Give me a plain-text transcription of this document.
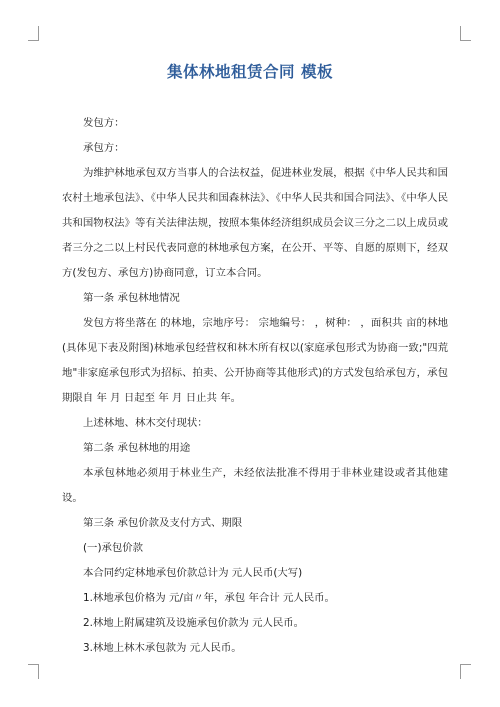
集体林地租赁合同 模板

发包方：

承包方：

为维护林地承包双方当事人的合法权益，促进林业发展，根据《中华人民共和国农村土地承包法》、《中华人民共和国森林法》、《中华人民共和国合同法》、《中华人民共和国物权法》等有关法律法规，按照本集体经济组织成员会议三分之二以上成员或者三分之二以上村民代表同意的林地承包方案，在公开、平等、自愿的原则下，经双方(发包方、承包方)协商同意，订立本合同。

第一条 承包林地情况

发包方将坐落在 的林地，宗地序号： 宗地编号： ，树种： ，面积共 亩的林地(具体见下表及附图)林地承包经营权和林木所有权以(家庭承包形式为协商一致;"四荒地"非家庭承包形式为招标、拍卖、公开协商等其他形式)的方式发包给承包方，承包期限自 年 月 日起至 年 月 日止共 年。

上述林地、林木交付现状：

第二条 承包林地的用途

本承包林地必须用于林业生产，未经依法批准不得用于非林业建设或者其他建设。

第三条 承包价款及支付方式、期限

(一)承包价款

本合同约定林地承包价款总计为 元人民币(大写)

1.林地承包价格为 元/亩〃年，承包 年合计 元人民币。

2.林地上附属建筑及设施承包价款为 元人民币。

3.林地上林木承包款为 元人民币。
